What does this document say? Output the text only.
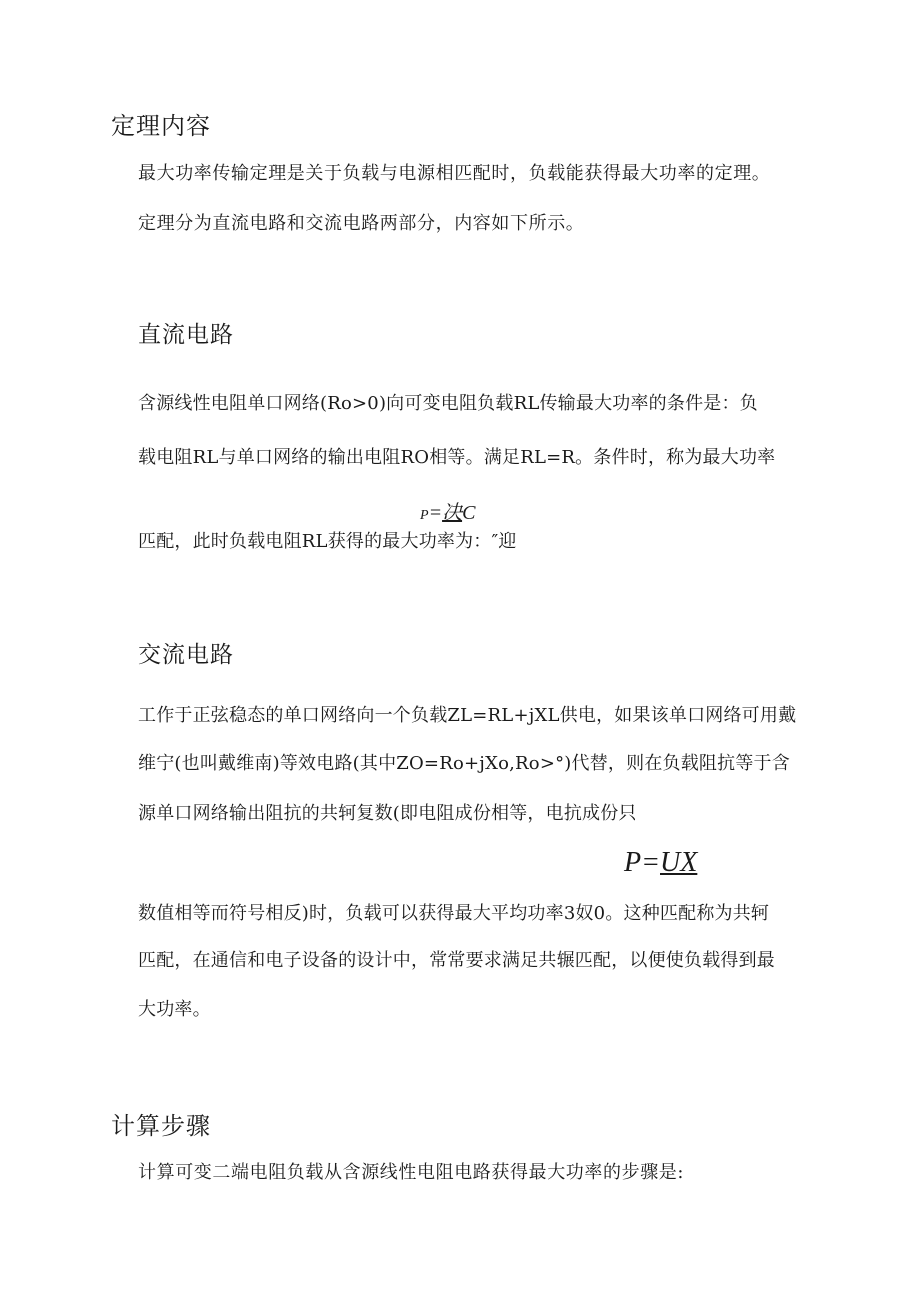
定理内容
最大功率传输定理是关于负载与电源相匹配时，负载能获得最大功率的定理。
定理分为直流电路和交流电路两部分，内容如下所示。
直流电路
含源线性电阻单口网络(Ro>0)向可变电阻负载RL传输最大功率的条件是：负
载电阻RL与单口网络的输出电阻RO相等。满足RL=R。条件时，称为最大功率
P=决C
匹配，此时负载电阻RL获得的最大功率为：″迎
交流电路
工作于正弦稳态的单口网络向一个负载ZL=RL+jXL供电，如果该单口网络可用戴
维宁(也叫戴维南)等效电路(其中ZO=Ro+jXo,Ro>°)代替，则在负载阻抗等于含
源单口网络输出阻抗的共轲复数(即电阻成份相等，电抗成份只
P=UX
数值相等而符号相反)时，负载可以获得最大平均功率3奴0。这种匹配称为共轲
匹配，在通信和电子设备的设计中，常常要求满足共辗匹配，以便使负载得到最
大功率。
计算步骤
计算可变二端电阻负载从含源线性电阻电路获得最大功率的步骤是:
